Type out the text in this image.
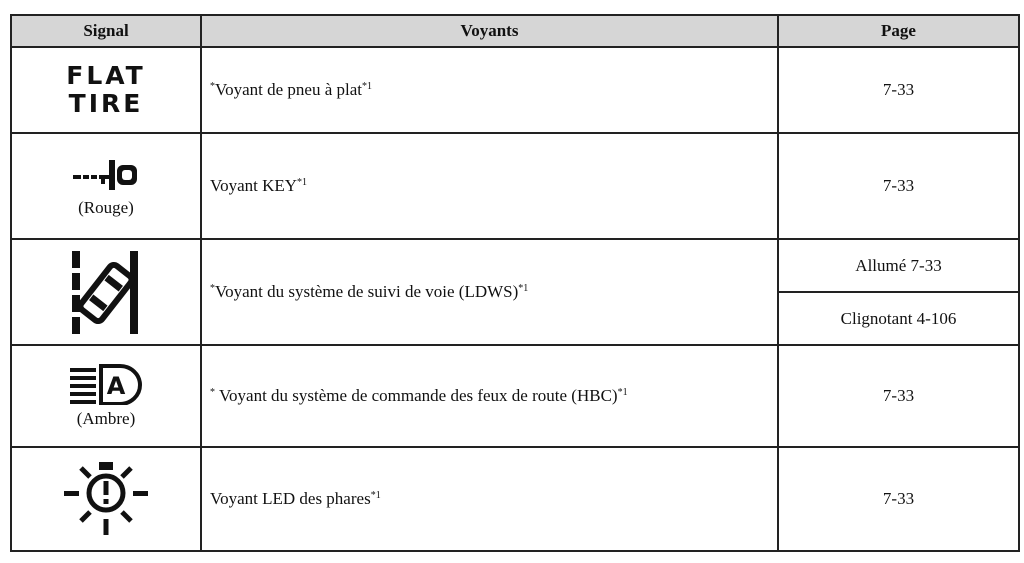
Signal	Voyants	Page

FLAT
TIRE	*Voyant de pneu à plat$^{*1}$	7-33

(Rouge)	Voyant KEY$^{*1}$	7-33

	*Voyant du système de suivi de voie (LDWS)$^{*1}$	Allumé 7-33
		Clignotant 4-106

A
(Ambre)	* Voyant du système de commande des feux de route (HBC)$^{*1}$	7-33

	Voyant LED des phares$^{*1}$	7-33
